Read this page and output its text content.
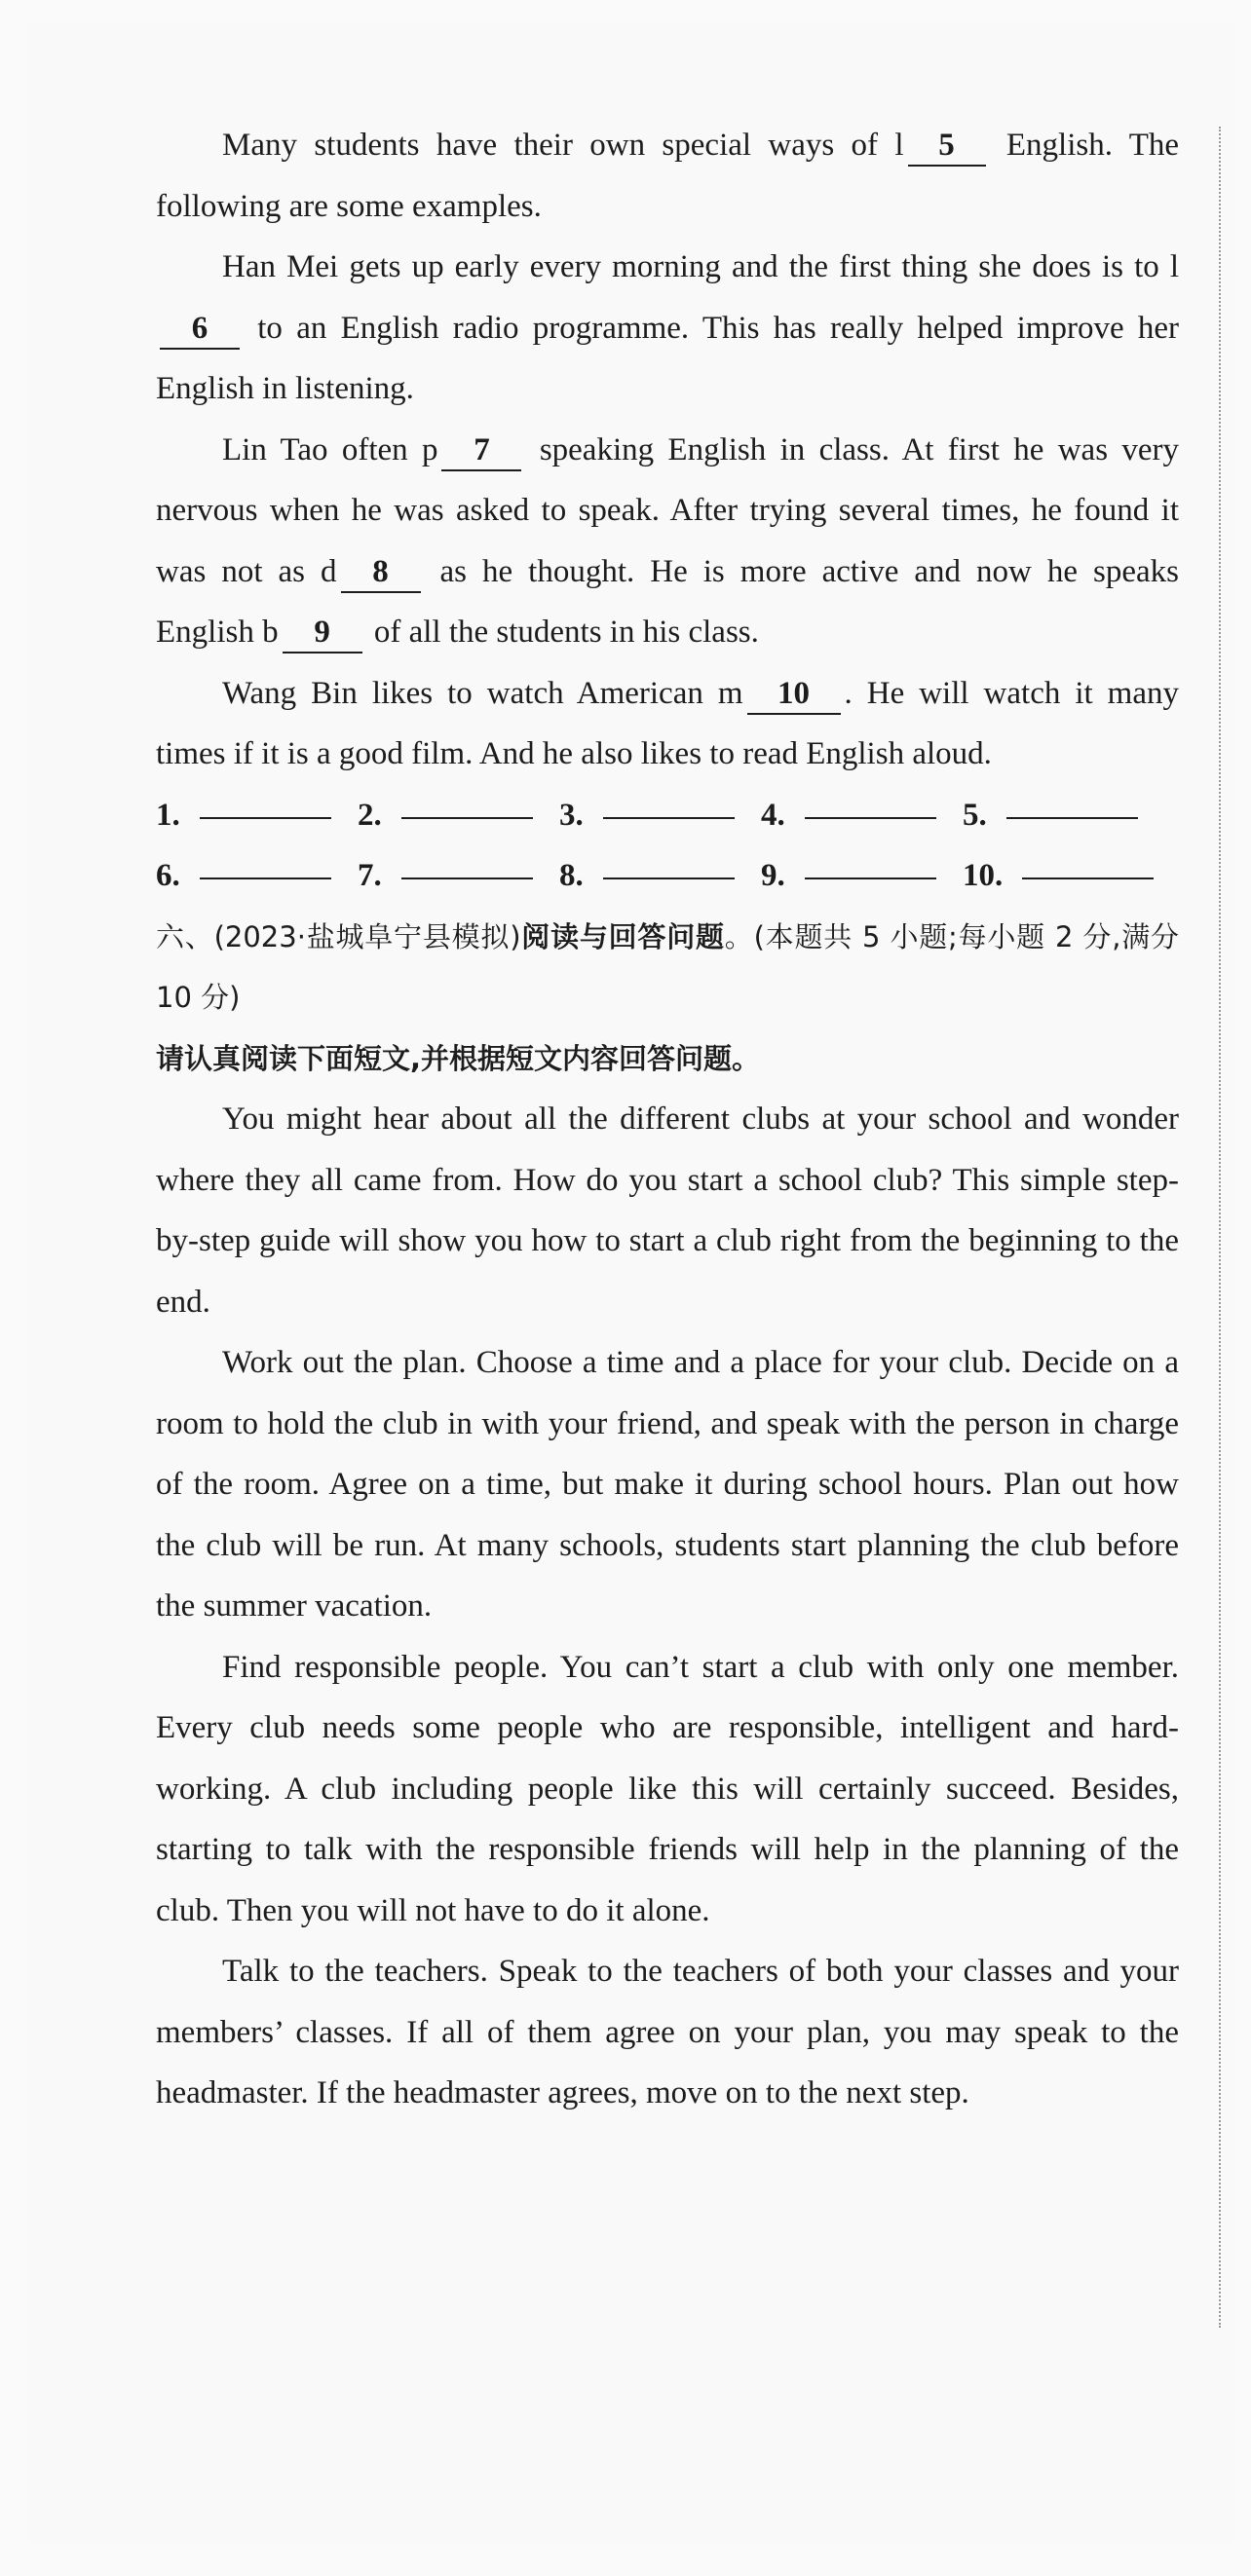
Many students have their own special ways of l 5 English. The following are some examples.

Han Mei gets up early every morning and the first thing she does is to l6 to an English radio programme. This has really helped improve her English in listening.

Lin Tao often p 7 speaking English in class. At first he was very nervous when he was asked to speak. After trying several times, he found it was not as d 8 as he thought. He is more active and now he speaks English b 9 of all the students in his class.

Wang Bin likes to watch American m 10 . He will watch it many times if it is a good film. And he also likes to read English aloud.

1.	2.	3.	4.	5.
6.	7.	8.	9.	10.

六、(2023·盐城阜宁县模拟)阅读与回答问题。(本题共 5 小题;每小题 2 分,满分 10 分)

请认真阅读下面短文,并根据短文内容回答问题。

You might hear about all the different clubs at your school and wonder where they all came from. How do you start a school club? This simple step-by-step guide will show you how to start a club right from the beginning to the end.

Work out the plan. Choose a time and a place for your club. Decide on a room to hold the club in with your friend, and speak with the person in charge of the room. Agree on a time, but make it during school hours. Plan out how the club will be run. At many schools, students start planning the club before the summer vacation.

Find responsible people. You can’t start a club with only one member. Every club needs some people who are responsible, intelligent and hard-working. A club including people like this will certainly succeed. Besides, starting to talk with the responsible friends will help in the planning of the club. Then you will not have to do it alone.

Talk to the teachers. Speak to the teachers of both your classes and your members’ classes. If all of them agree on your plan, you may speak to the headmaster. If the headmaster agrees, move on to the next step.
